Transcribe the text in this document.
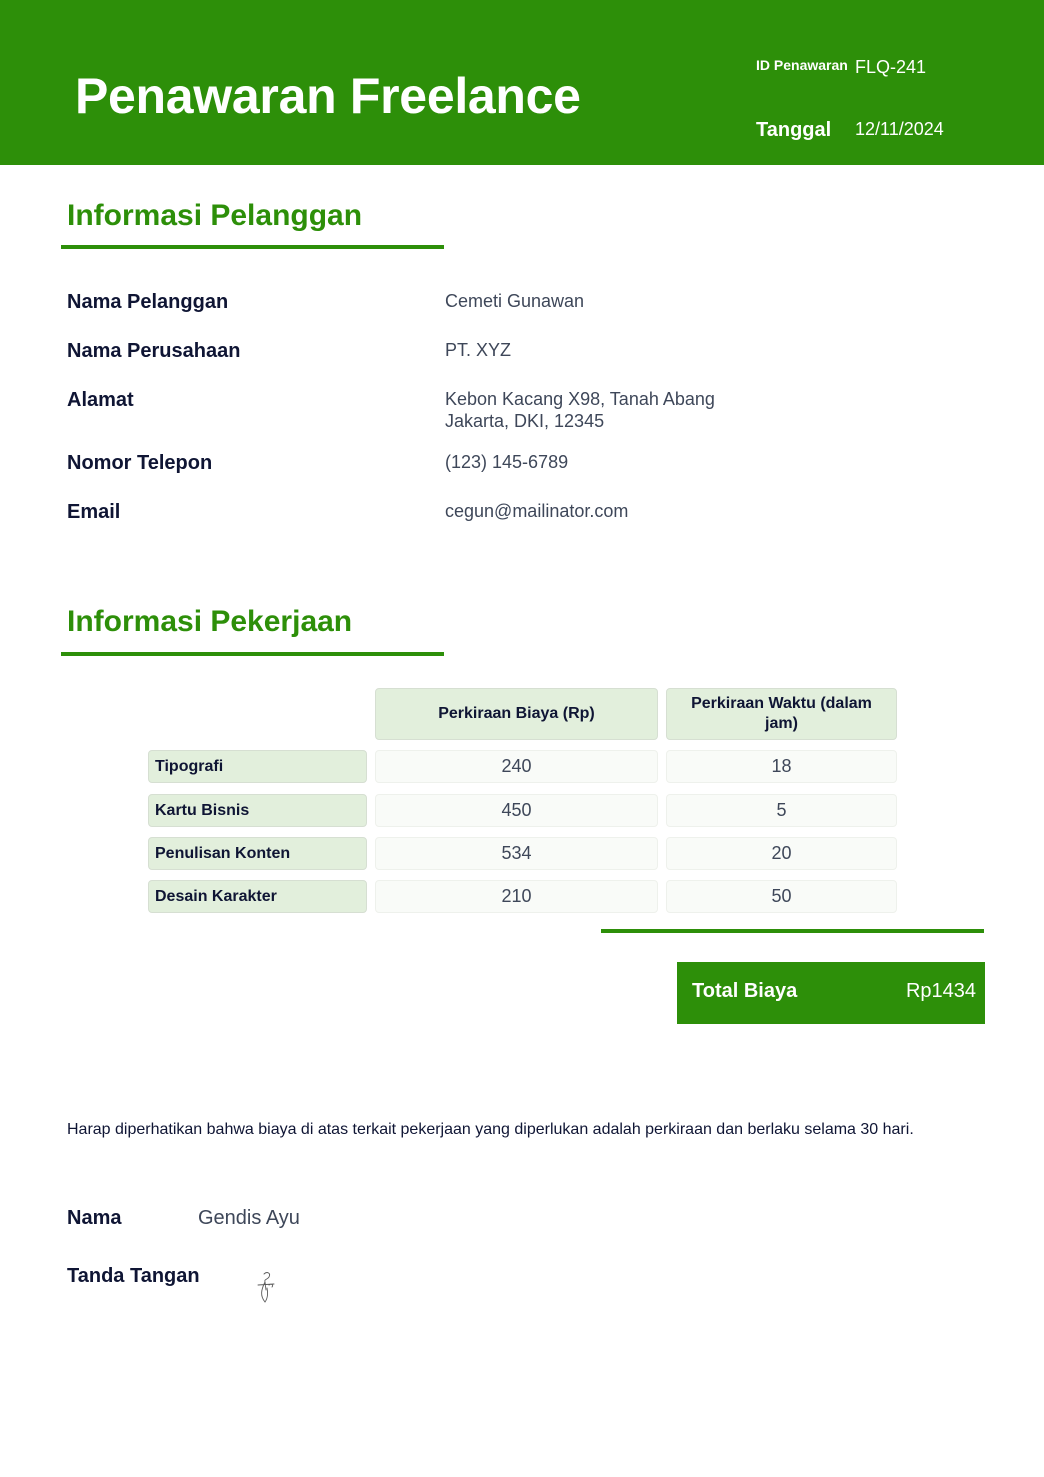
Penawaran Freelance
ID Penawaran FLQ-241
Tanggal 12/11/2024
Informasi Pelanggan
Nama Pelanggan	Cemeti Gunawan
Nama Perusahaan	PT. XYZ
Alamat	Kebon Kacang X98, Tanah Abang
Jakarta, DKI, 12345
Nomor Telepon	(123) 145-6789
Email	cegun@mailinator.com
Informasi Pekerjaan
Perkiraan Biaya (Rp)
Perkiraan Waktu (dalam jam)
Tipografi	240	18
Kartu Bisnis	450	5
Penulisan Konten	534	20
Desain Karakter	210	50
Total Biaya	Rp1434
Harap diperhatikan bahwa biaya di atas terkait pekerjaan yang diperlukan adalah perkiraan dan berlaku selama 30 hari.
Nama	Gendis Ayu
Tanda Tangan
